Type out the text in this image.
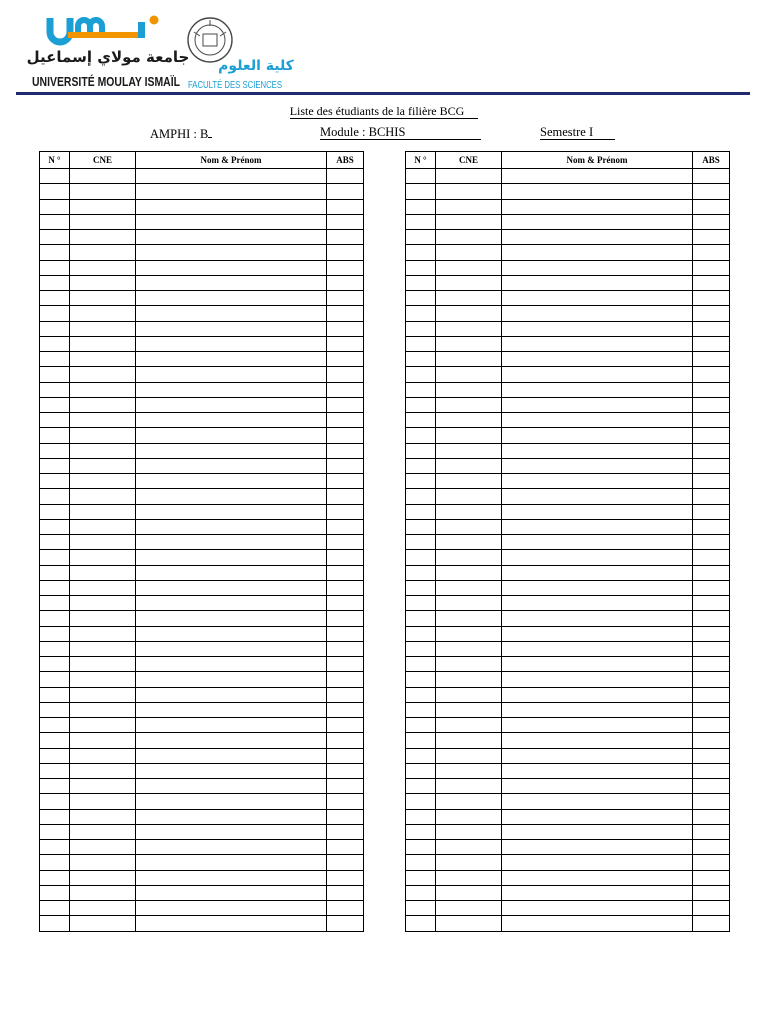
جامعة مولاي إسماعيل
UNIVERSITÉ MOULAY ISMAÏL
كلية العلوم
FACULTÉ DES SCIENCES
Liste des étudiants de la filière BCG
AMPHI : B	Module : BCHIS	Semestre I
N °	CNE	Nom & Prénom	ABS

				N °	CNE	Nom & Prénom	ABS
